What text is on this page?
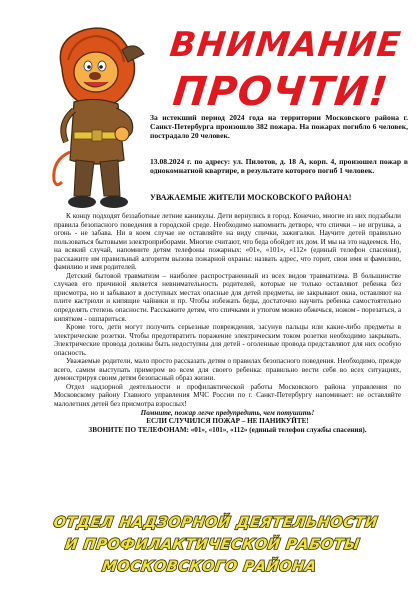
ВНИМАНИЕ
ПРОЧТИ!
За истекший период 2024 года на территории Московского района г. Санкт-Петербурга произошло 382 пожара. На пожарах погибло 6 человек, пострадало 20 человек.
13.08.2024 г. по адресу: ул. Пилотов, д. 18 А, корп. 4, произошел пожар в однокомнатной квартире, в результате которого погиб 1 человек.
УВАЖАЕМЫЕ ЖИТЕЛИ МОСКОВСКОГО РАЙОНА!

К концу подходят беззаботные летние каникулы. Дети вернулись в город. Конечно, многие из них подзабыли правила безопасного поведения в городской среде. Необходимо напомнить детворе, что спички – не игрушка, а огонь - не забава. Ни в коем случае не оставляйте на виду спички, зажигалки. Научите детей правильно пользоваться бытовыми электроприборами. Многие считают, что беда обойдет их дом. И мы на это надеемся. Но, на всякий случай, напомните детям телефоны пожарных: «01», «101», «112» (единый телефон спасения), расскажите им правильный алгоритм вызова пожарной охраны: назвать адрес, что горит, свои имя и фамилию, фамилию и имя родителей.

Детский бытовой травматизм – наиболее распространенный из всех видов травматизма. В большинстве случаев его причиной является невнимательность родителей, которые не только оставляют ребенка без присмотра, но и забывают в доступных местах опасные для детей предметы, не закрывают окна, оставляют на плите кастрюли и кипящие чайники и пр. Чтобы избежать беды, достаточно научить ребенка самостоятельно определять степень опасности. Расскажите детям, что спичками и утюгом можно обжечься, ножом - порезаться, а кипятком - ошпариться.

Кроме того, дети могут получить серьезные повреждения, засунув пальцы или какие-либо предметы в электрические розетки. Чтобы предотвратить поражение электрическим током розетки необходимо закрывать. Электрические провода должны быть недоступны для детей - оголенные провода представляют для них особую опасность.

Уважаемые родители, мало просто рассказать детям о правилах безопасного поведения. Необходимо, прежде всего, самим выступать примером во всем для своего ребенка: правильно вести себя во всех ситуациях, демонстрируя своим детям безопасный образ жизни.

Отдел надзорной деятельности и профилактической работы Московского района управления по Московскому району Главного управления МЧС России по г. Санкт-Петербургу напоминает: не оставляйте малолетних детей без присмотра взрослых!

Помните, пожар легче предупредить, чем потушить!

ЕСЛИ СЛУЧИЛСЯ ПОЖАР – НЕ ПАНИКУЙТЕ!

ЗВОНИТЕ ПО ТЕЛЕФОНАМ: «01», «101», «112» (единый телефон службы спасения).

ОТДЕЛ НАДЗОРНОЙ ДЕЯТЕЛЬНОСТИ
И ПРОФИЛАКТИЧЕСКОЙ РАБОТЫ
МОСКОВСКОГО РАЙОНА
